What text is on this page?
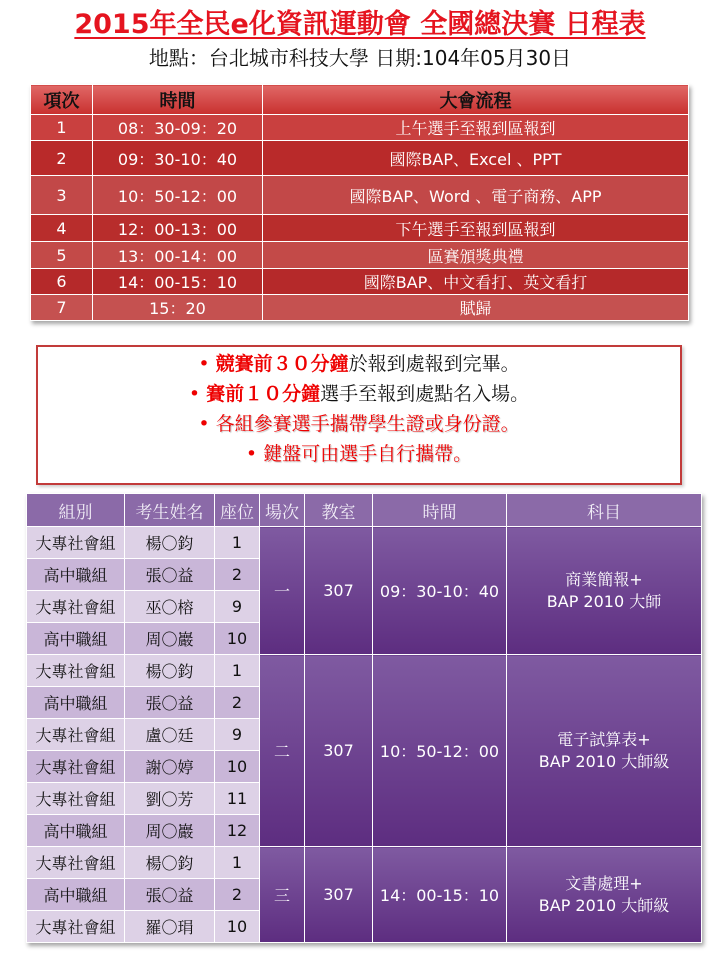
2015年全民e化資訊運動會 全國總決賽 日程表
地點：台北城市科技大學 日期:104年05月30日
項次	時間	大會流程
1	08：30-09：20	上午選手至報到區報到
2	09：30-10：40	國際BAP、Excel 、PPT
3	10：50-12：00	國際BAP、Word 、電子商務、APP
4	12：00-13：00	下午選手至報到區報到
5	13：00-14：00	區賽頒獎典禮
6	14：00-15：10	國際BAP、中文看打、英文看打
7	15：20	賦歸
• 競賽前３０分鐘於報到處報到完畢。
• 賽前１０分鐘選手至報到處點名入場。
• 各組參賽選手攜帶學生證或身份證。
• 鍵盤可由選手自行攜帶。
組別	考生姓名	座位	場次	教室	時間	科目
大專社會組	楊〇鈞	1	一	307	09：30-10：40	商業簡報+
BAP 2010 大師

高中職組	張〇益	2				
大專社會組	巫〇榕	9				
高中職組	周〇巖	10				
大專社會組	楊〇鈞	1	二	307	10：50-12：00	電子試算表+
BAP 2010 大師級

高中職組	張〇益	2				
大專社會組	盧〇廷	9				
大專社會組	謝〇婷	10				
大專社會組	劉〇芳	11				
高中職組	周〇巖	12				
大專社會組	楊〇鈞	1	三	307	14：00-15：10	文書處理+
BAP 2010 大師級

高中職組	張〇益	2				
大專社會組	羅〇琄	10				
